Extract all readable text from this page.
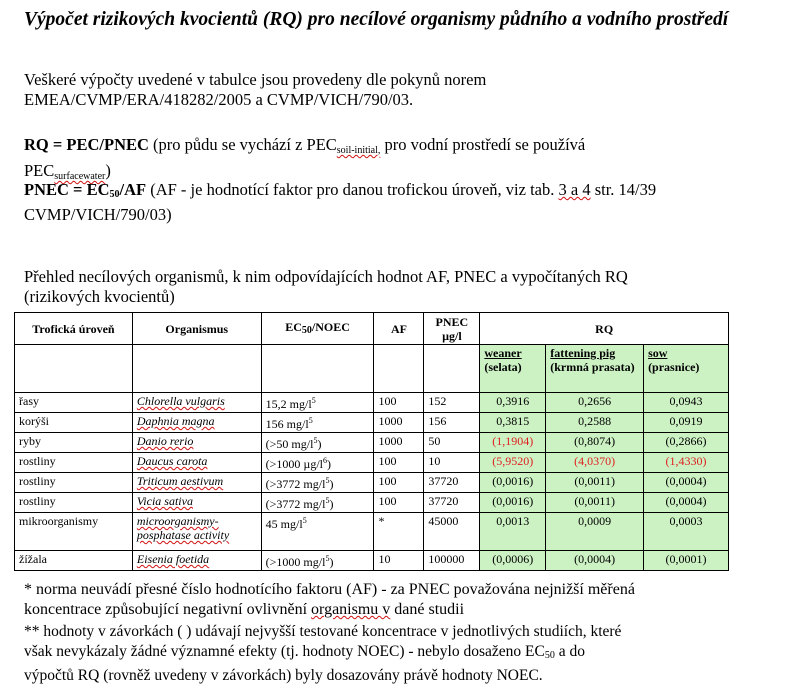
Výpočet rizikových kvocientů (RQ) pro necílové organismy půdního a vodního prostředí

Veškeré výpočty uvedené v tabulce jsou provedeny dle pokynů norem
EMEA/CVMP/ERA/418282/2005 a CVMP/VICH/790/03.

RQ = PEC/PNEC (pro půdu se vychází z $PEC_{soil-initial,}$ pro vodní prostředí se používá
$PEC_{surfacewater}$)

PNEC = EC50/AF (AF - je hodnotící faktor pro danou trofickou úroveň, viz tab. 3 a 4 str. 14/39
CVMP/VICH/790/03)

Přehled necílových organismů, k nim odpovídajících hodnot AF, PNEC a vypočítaných RQ
(rizikových kvocientů)

Trofická úroveň	Organismus	EC50/NOEC	AF	PNEC
µg/l	RQ		
					weaner
(selata)	fattening pig
(krmná prasata)	sow
(prasnice)
řasy	Chlorella vulgaris	15,2 $mg/l^5$	100	152	0,3916	0,2656	0,0943
korýši	Daphnia magna	156 $mg/l^5$	1000	156	0,3815	0,2588	0,0919
ryby	Danio rerio	(>50 $mg/l^5$)	1000	50	(1,1904)	(0,8074)	(0,2866)
rostliny	Daucus carota	(>1000 $\mu g/l^6$)	100	10	(5,9520)	(4,0370)	(1,4330)
rostliny	Triticum aestivum	(>3772 $mg/l^5$)	100	37720	(0,0016)	(0,0011)	(0,0004)
rostliny	Vicia sativa	(>3772 $mg/l^5$)	100	37720	(0,0016)	(0,0011)	(0,0004)
mikroorganismy	microorganismy-posphatase activity	45 $mg/l^5$	*	45000	0,0013	0,0009	0,0003
žížala	Eisenia foetida	(>1000 $mg/l^5$)	10	100000	(0,0006)	(0,0004)	(0,0001)

* norma neuvádí přesné číslo hodnotícího faktoru (AF) - za PNEC považována nejnižší měřená
koncentrace způsobující negativní ovlivnění organismu v dané studii

** hodnoty v závorkách ( ) udávají nejvyšší testované koncentrace v jednotlivých studiích, které
však nevykázaly žádné významné efekty (tj. hodnoty NOEC) - nebylo dosaženo EC50 a do
výpočtů RQ (rovněž uvedeny v závorkách) byly dosazovány právě hodnoty NOEC.
